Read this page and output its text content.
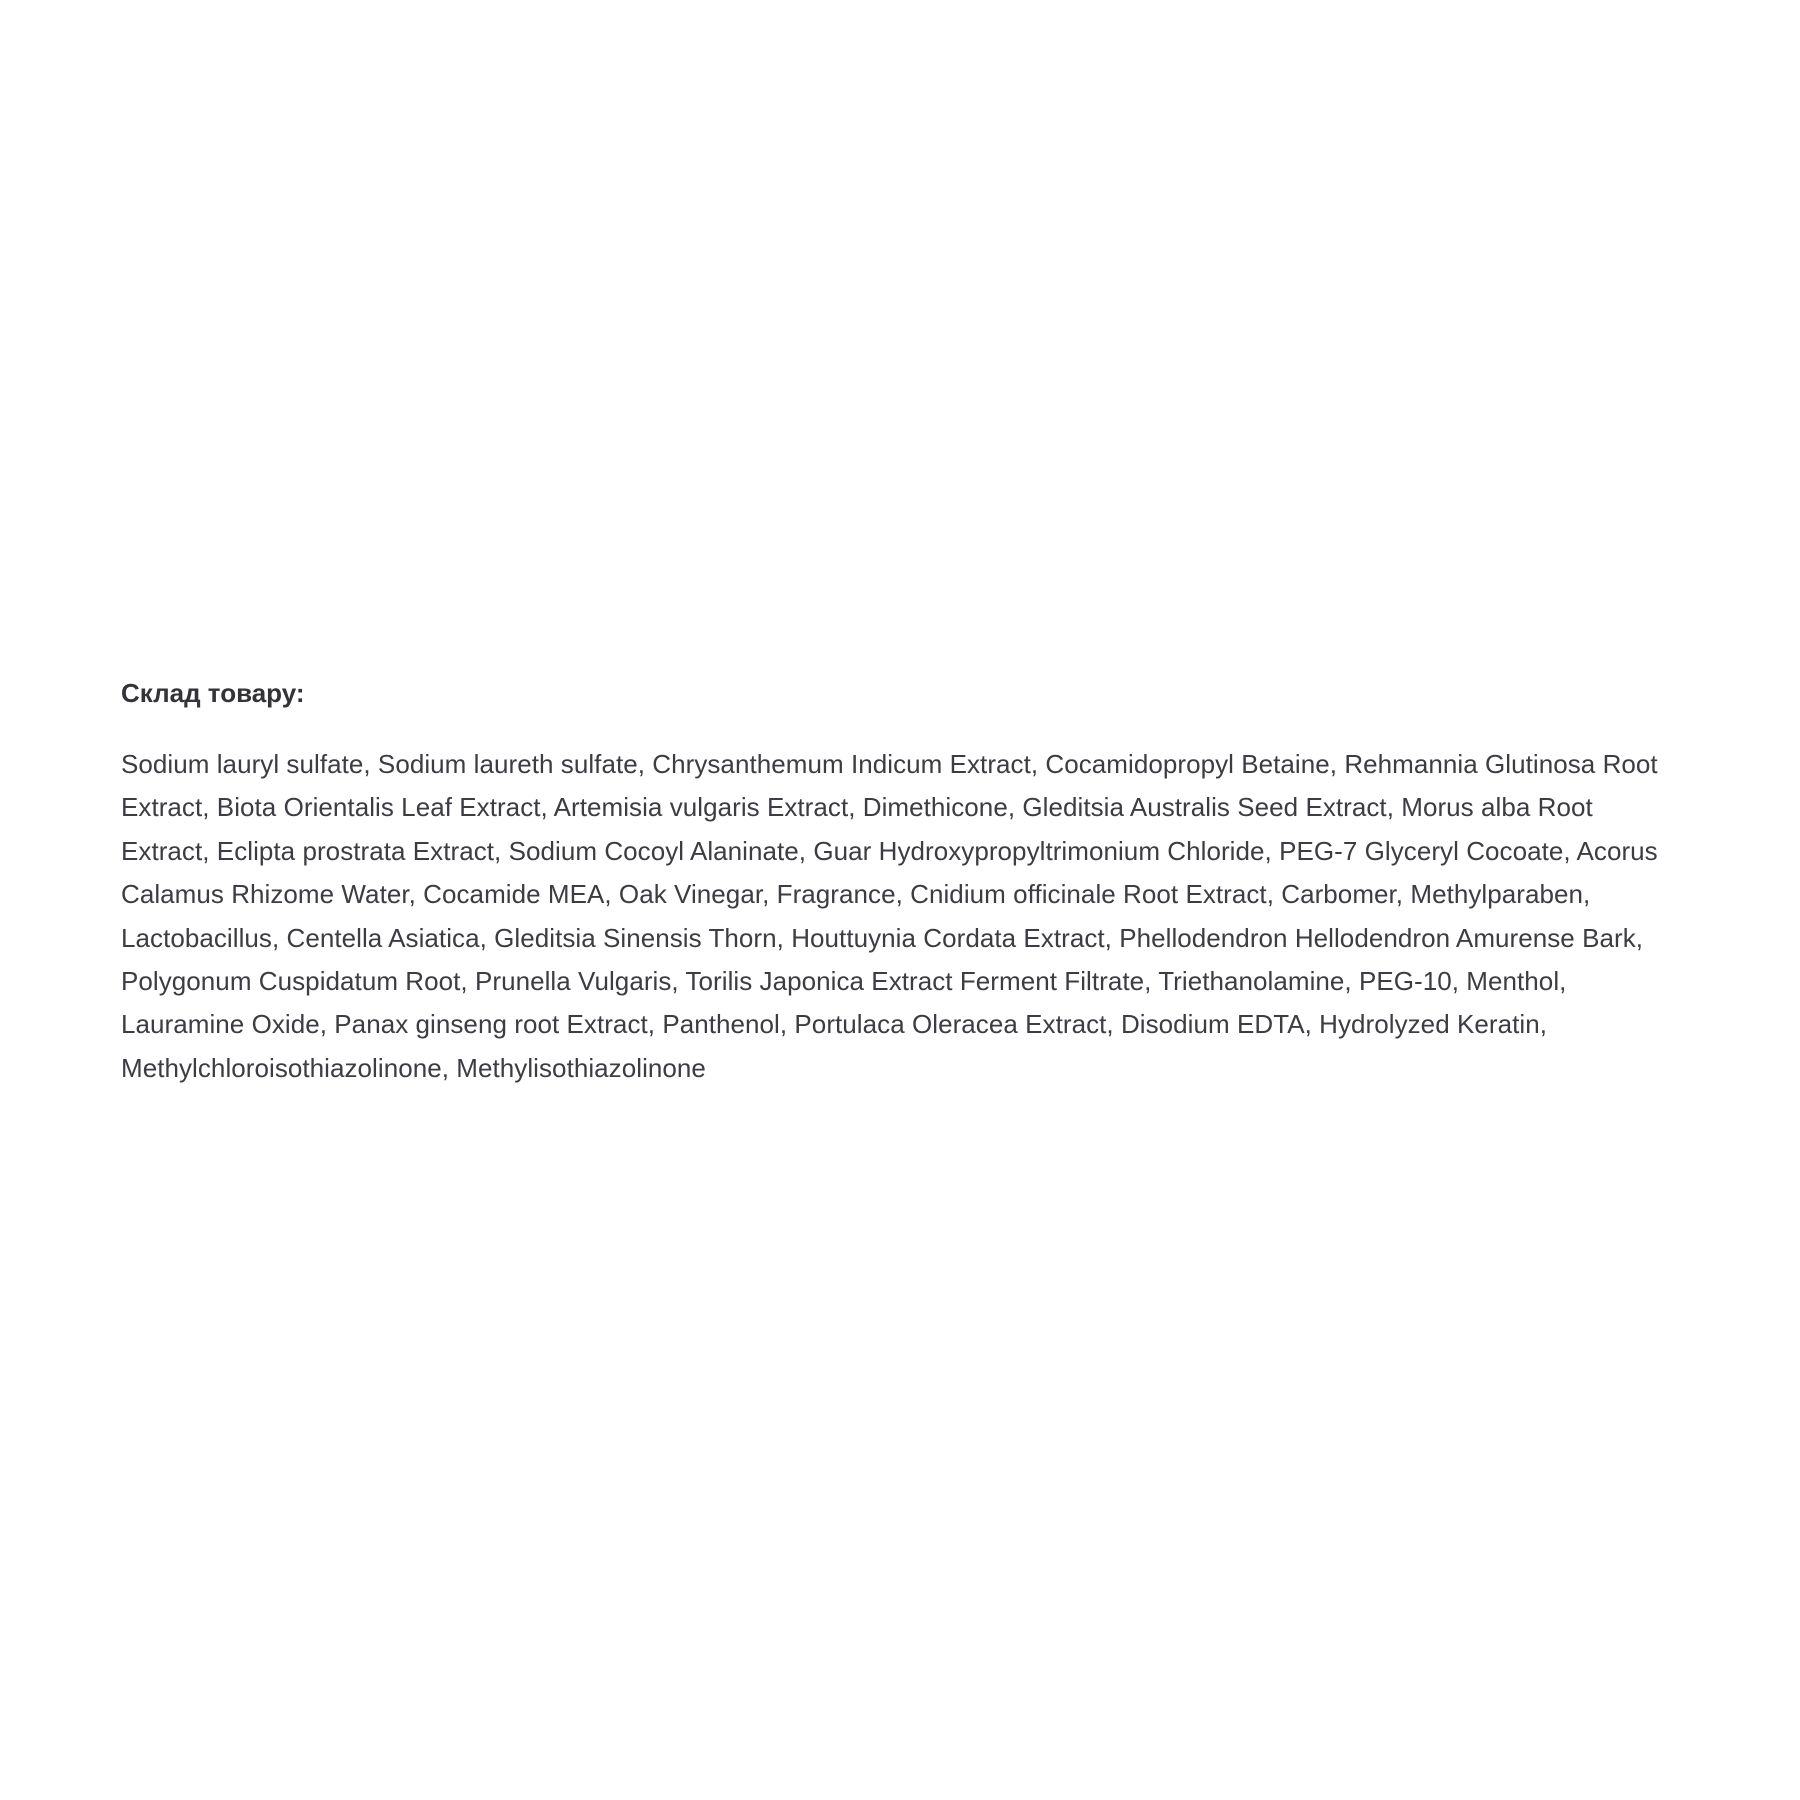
Склад товару:

Sodium lauryl sulfate, Sodium laureth sulfate, Chrysanthemum Indicum Extract, Cocamidopropyl Betaine, Rehmannia Glutinosa Root Extract, Biota Orientalis Leaf Extract, Artemisia vulgaris Extract, Dimethicone, Gleditsia Australis Seed Extract, Morus alba Root Extract, Eclipta prostrata Extract, Sodium Cocoyl Alaninate, Guar Hydroxypropyltrimonium Chloride, PEG-7 Glyceryl Cocoate, Acorus Calamus Rhizome Water, Cocamide MEA, Oak Vinegar, Fragrance, Cnidium officinale Root Extract, Carbomer, Methylparaben, Lactobacillus, Centella Asiatica, Gleditsia Sinensis Thorn, Houttuynia Cordata Extract, Phellodendron Hellodendron Amurense Bark, Polygonum Cuspidatum Root, Prunella Vulgaris, Torilis Japonica Extract Ferment Filtrate, Triethanolamine, PEG-10, Menthol, Lauramine Oxide, Panax ginseng root Extract, Panthenol, Portulaca Oleracea Extract, Disodium EDTA, Hydrolyzed Keratin, Methylchloroisothiazolinone, Methylisothiazolinone
